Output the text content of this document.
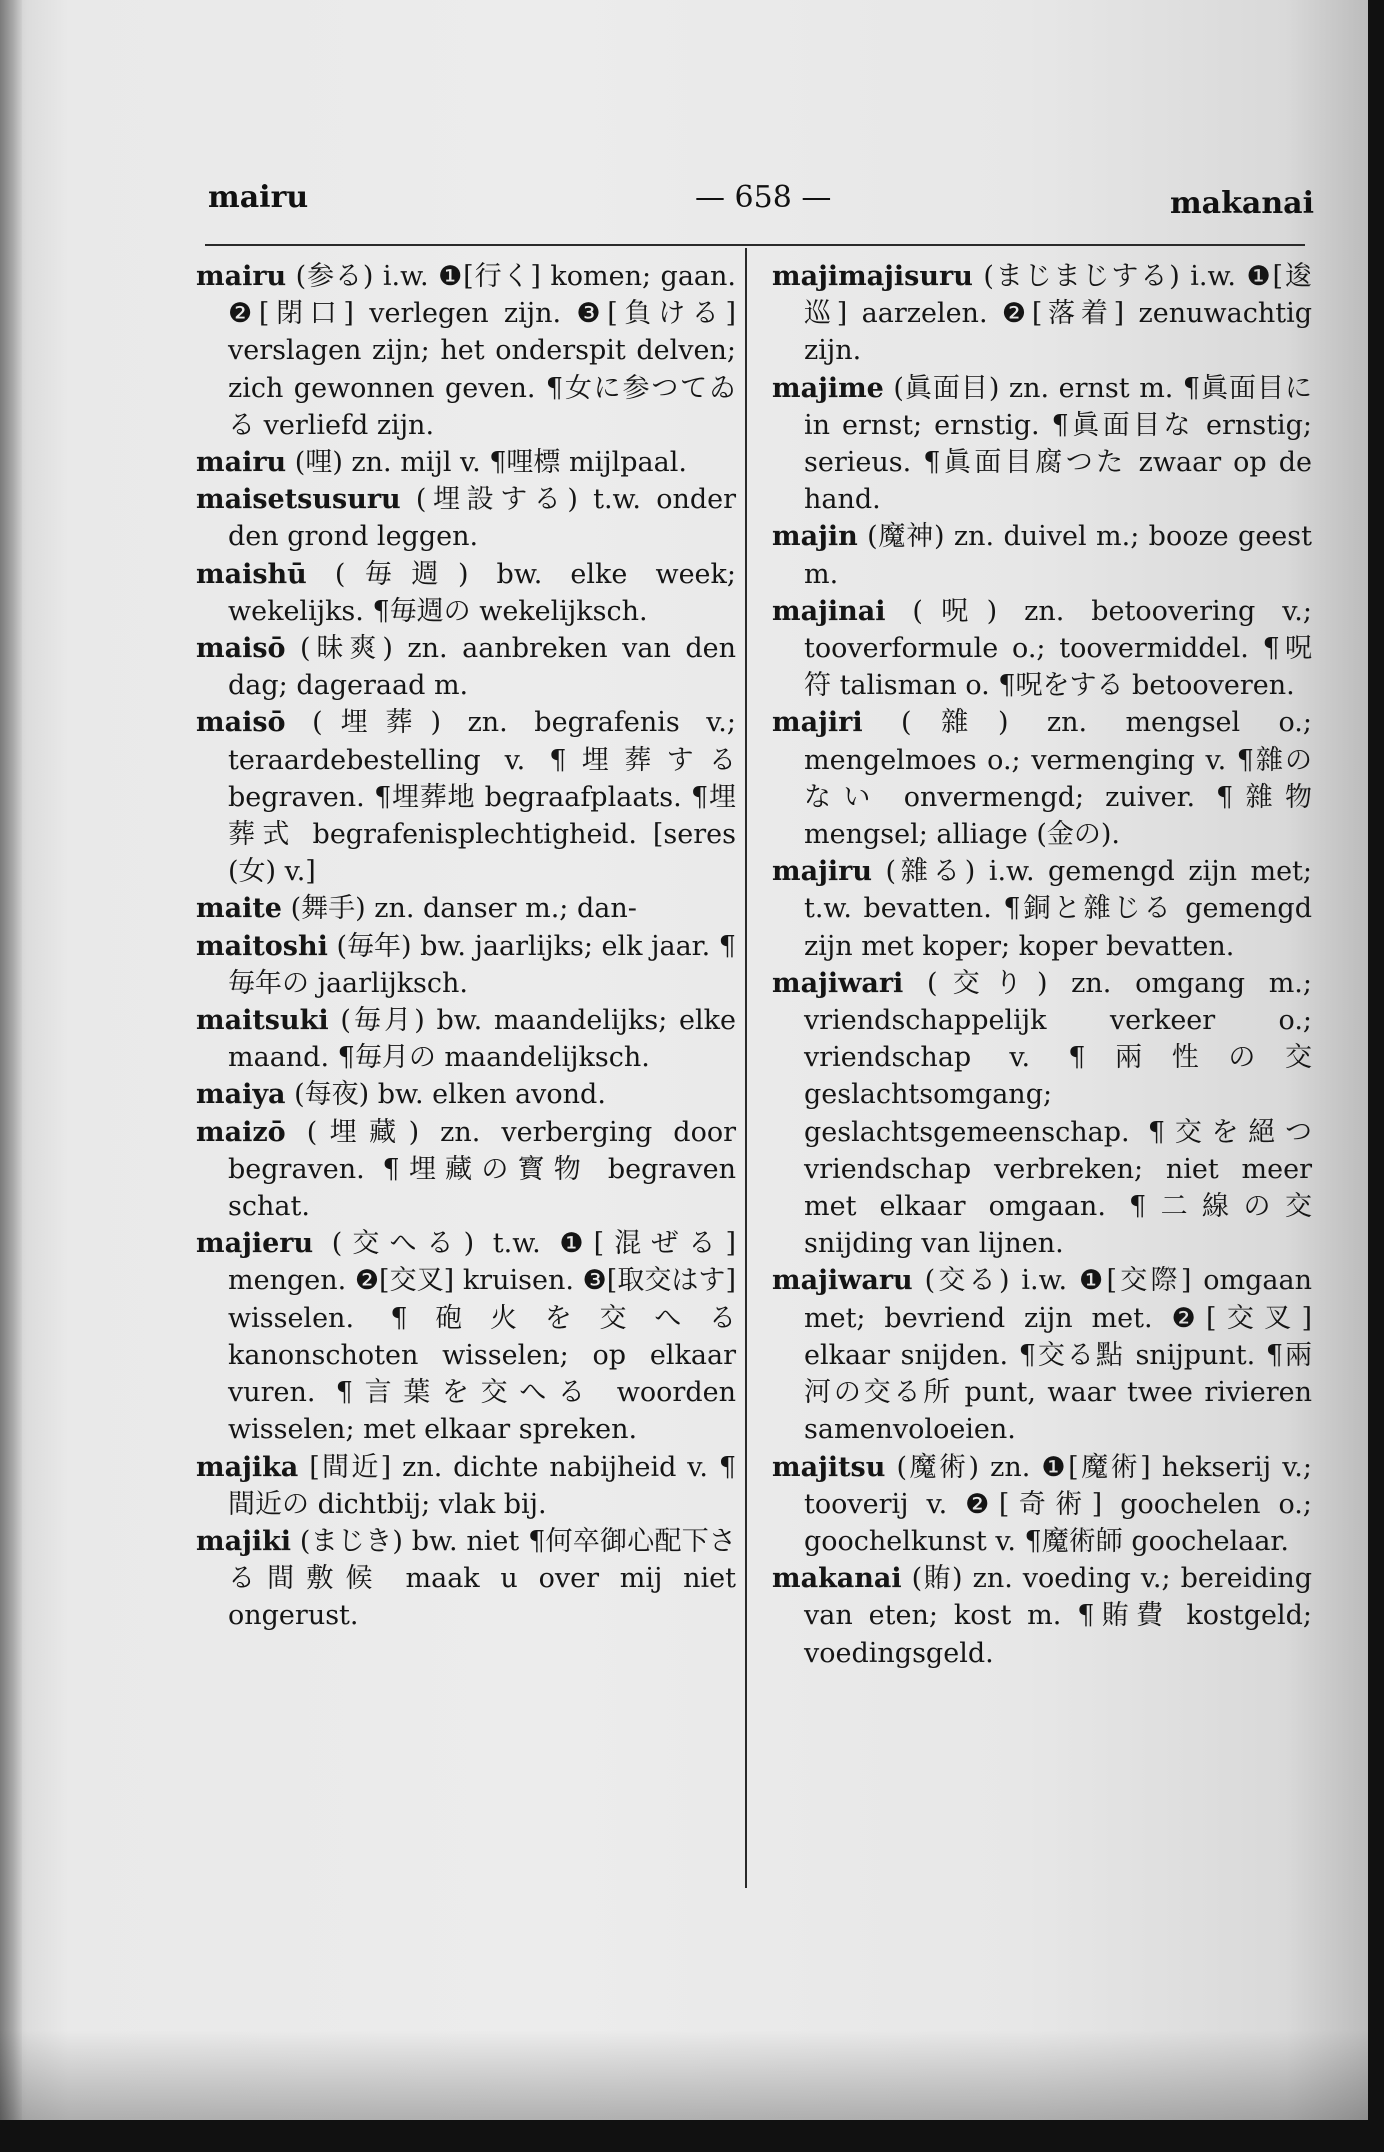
mairu	— 658 —	makanai

mairu (参る) i.w. ❶[行く] komen; gaan. ❷[閉口] verlegen zijn. ❸[負ける] verslagen zijn; het onderspit delven; zich gewonnen geven. ¶女に参つてゐる verliefd zijn.

mairu (哩) zn. mijl v. ¶哩標 mijlpaal.

maisetsusuru (埋設する) t.w. onder den grond leggen.

maishū (毎週) bw. elke week; wekelijks. ¶毎週の wekelijksch.

maisō (昧爽) zn. aanbreken van den dag; dageraad m.

maisō (埋葬) zn. begrafenis v.; teraardebestelling v. ¶埋葬する begraven. ¶埋葬地 begraafplaats. ¶埋葬式 begrafenisplechtigheid. [seres (女) v.]

maite (舞手) zn. danser m.; dan-

maitoshi (毎年) bw. jaarlijks; elk jaar. ¶毎年の jaarlijksch.

maitsuki (毎月) bw. maandelijks; elke maand. ¶毎月の maandelijksch.

maiya (每夜) bw. elken avond.

maizō (埋藏) zn. verberging door begraven. ¶埋藏の寳物 begraven schat.

majieru (交へる) t.w. ❶[混ぜる] mengen. ❷[交叉] kruisen. ❸[取交はす] wisselen. ¶砲火を交へる kanonschoten wisselen; op elkaar vuren. ¶言葉を交へる woorden wisselen; met elkaar spreken.

majika [間近] zn. dichte nabijheid v. ¶間近の dichtbij; vlak bij.

majiki (まじき) bw. niet ¶何卒御心配下さる間敷候 maak u over mij niet ongerust.

majimajisuru (まじまじする) i.w. ❶[逡巡] aarzelen. ❷[落着] zenuwachtig zijn.

majime (眞面目) zn. ernst m. ¶眞面目に in ernst; ernstig. ¶眞面目な ernstig; serieus. ¶眞面目腐つた zwaar op de hand.

majin (魔神) zn. duivel m.; booze geest m.

majinai (呪) zn. betoovering v.; tooverformule o.; toovermiddel. ¶呪符 talisman o. ¶呪をする betooveren.

majiri (雜) zn. mengsel o.; mengelmoes o.; vermenging v. ¶雜のない onvermengd; zuiver. ¶雜物 mengsel; alliage (金の).

majiru (雜る) i.w. gemengd zijn met; t.w. bevatten. ¶銅と雜じる gemengd zijn met koper; koper bevatten.

majiwari (交り) zn. omgang m.; vriendschappelijk verkeer o.; vriendschap v. ¶兩性の交 geslachtsomgang; geslachtsgemeenschap. ¶交を絕つ vriendschap verbreken; niet meer met elkaar omgaan. ¶二線の交 snijding van lijnen.

majiwaru (交る) i.w. ❶[交際] omgaan met; bevriend zijn met. ❷[交叉] elkaar snijden. ¶交る點 snijpunt. ¶兩河の交る所 punt, waar twee rivieren samenvoloeien.

majitsu (魔術) zn. ❶[魔術] hekserij v.; tooverij v. ❷[奇術] goochelen o.; goochelkunst v. ¶魔術師 goochelaar.

makanai (賄) zn. voeding v.; bereiding van eten; kost m. ¶賄費 kostgeld; voedingsgeld.
